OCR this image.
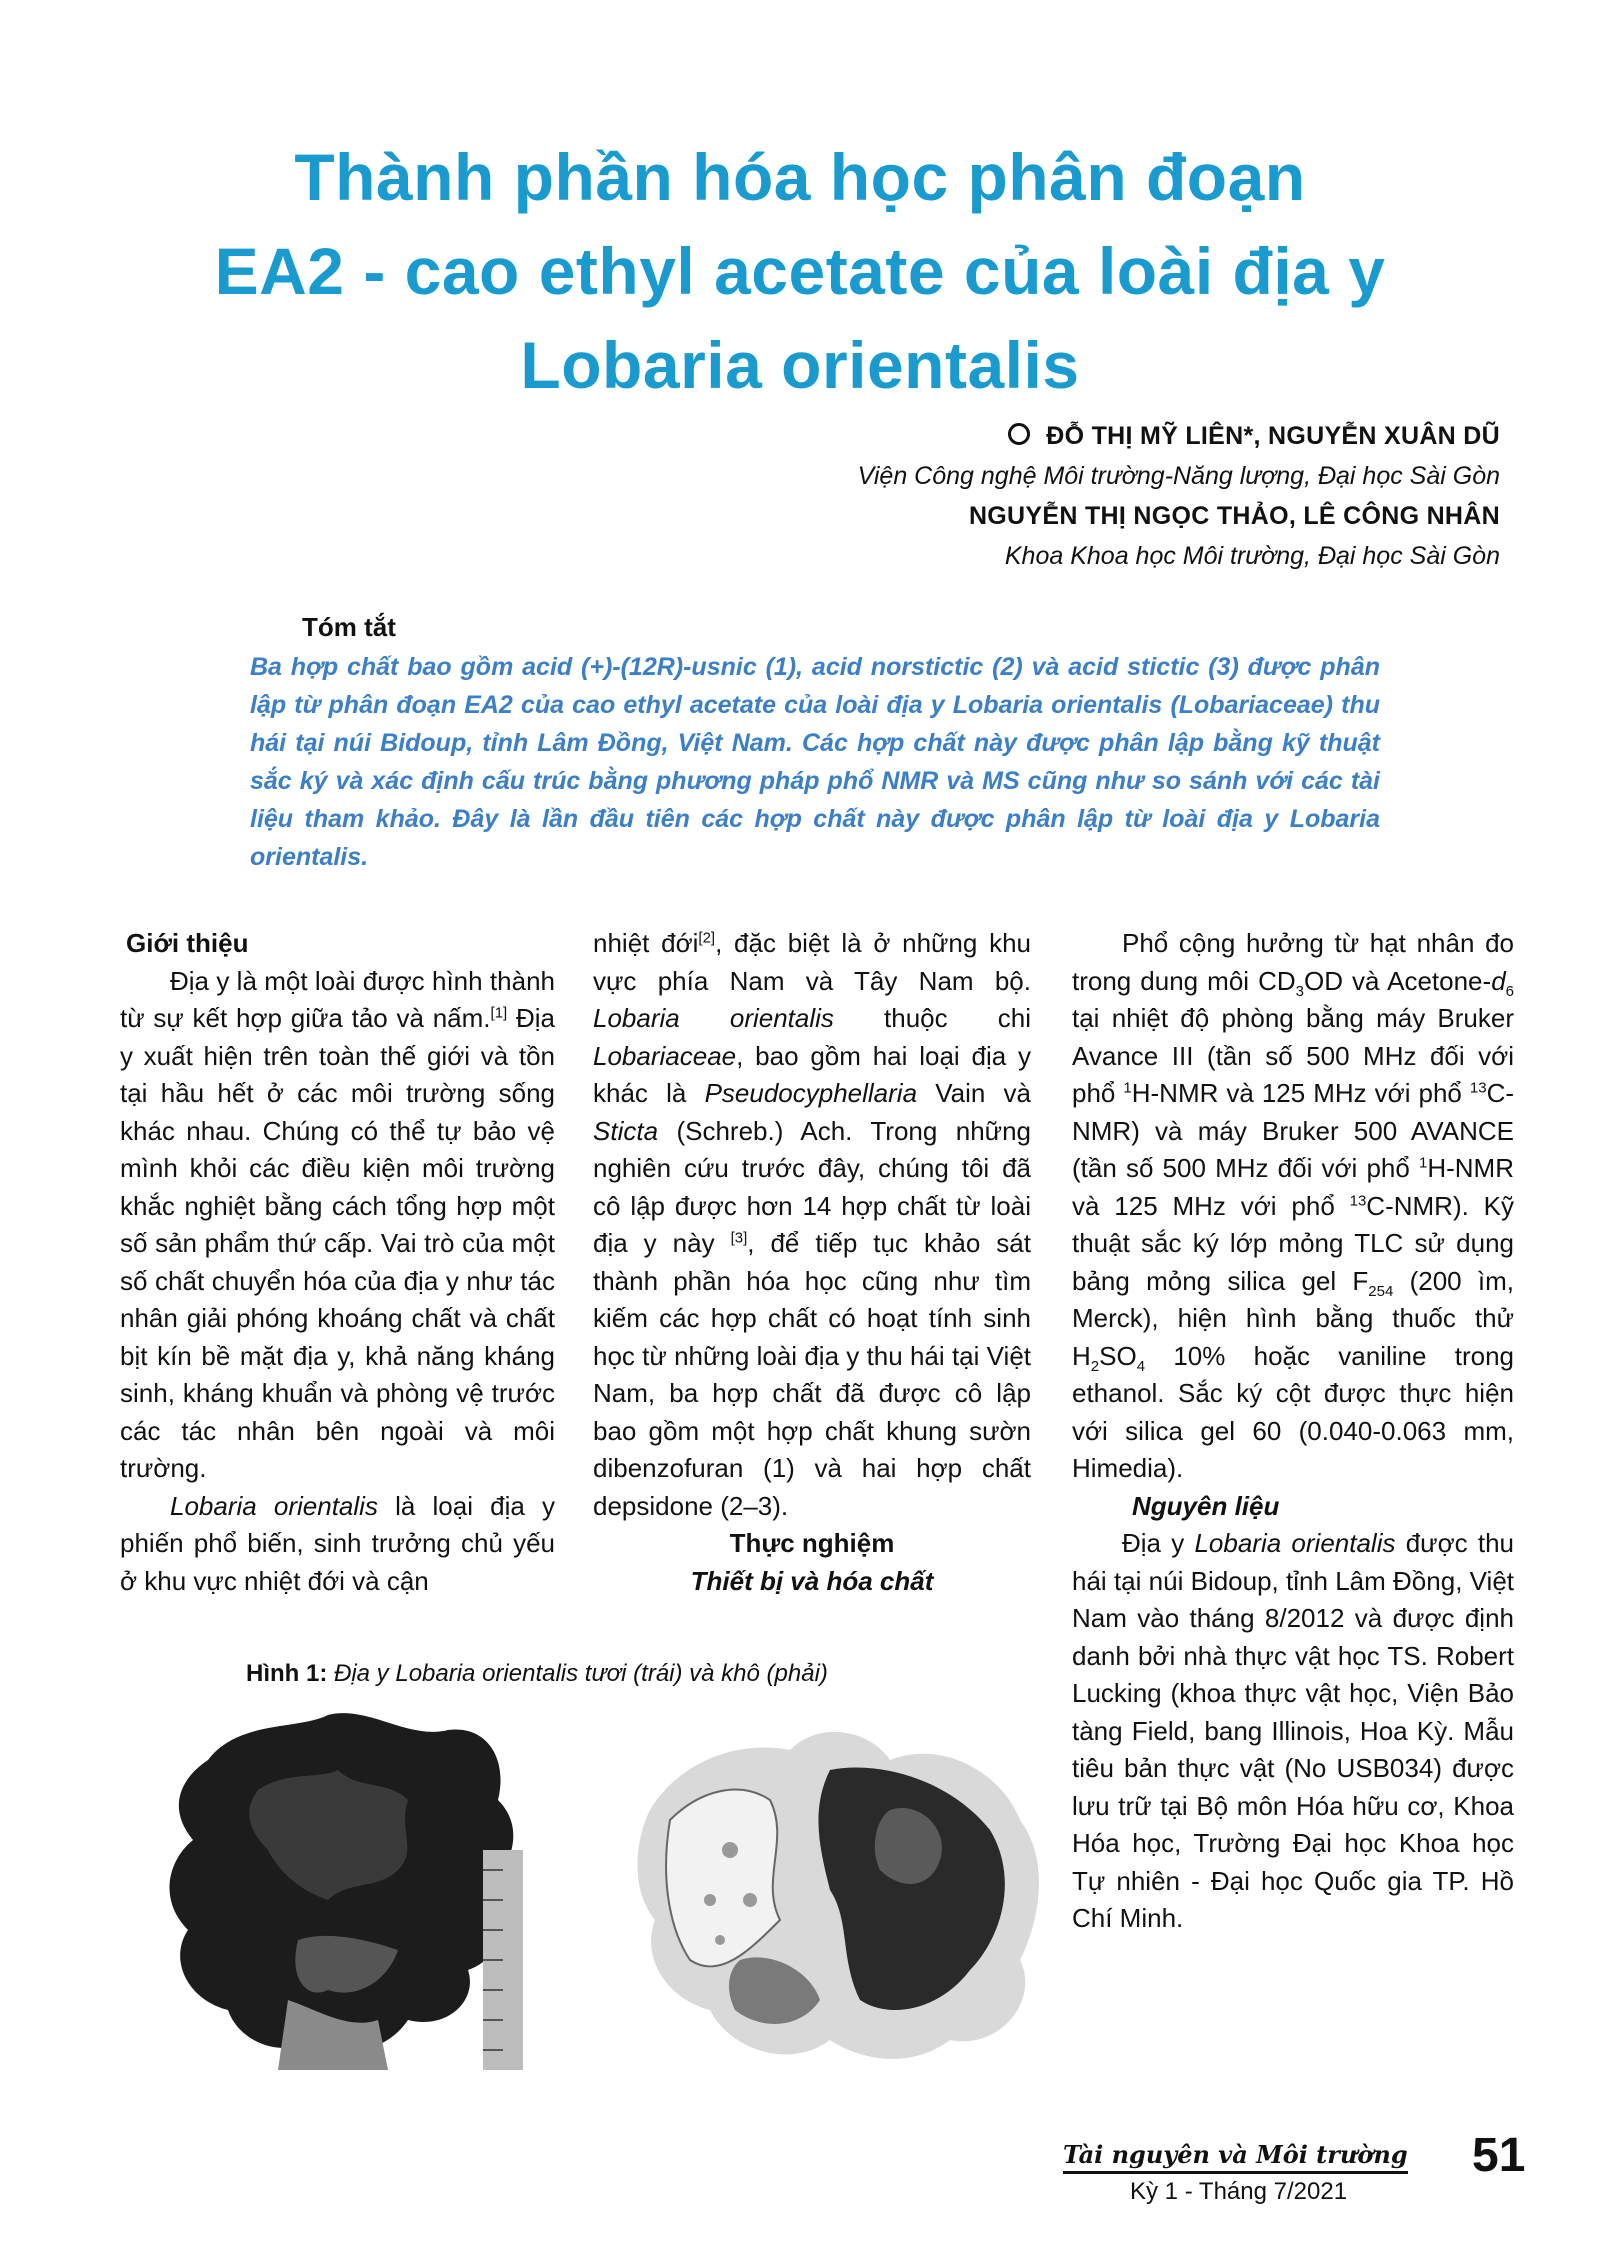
Thành phần hóa học phân đoạn
EA2 - cao ethyl acetate của loài địa y
Lobaria orientalis
ĐỖ THỊ MỸ LIÊN*, NGUYỄN XUÂN DŨ
Viện Công nghệ Môi trường-Năng lượng, Đại học Sài Gòn
NGUYỄN THỊ NGỌC THẢO, LÊ CÔNG NHÂN
Khoa Khoa học Môi trường, Đại học Sài Gòn
Tóm tắt
Ba hợp chất bao gồm acid (+)-(12R)-usnic (1), acid norstictic (2) và acid stictic (3) được phân lập từ phân đoạn EA2 của cao ethyl acetate của loài địa y Lobaria orientalis (Lobariaceae) thu hái tại núi Bidoup, tỉnh Lâm Đồng, Việt Nam. Các hợp chất này được phân lập bằng kỹ thuật sắc ký và xác định cấu trúc bằng phương pháp phổ NMR và MS cũng như so sánh với các tài liệu tham khảo. Đây là lần đầu tiên các hợp chất này được phân lập từ loài địa y Lobaria orientalis.

Giới thiệu

Địa y là một loài được hình thành từ sự kết hợp giữa tảo và nấm.[1] Địa y xuất hiện trên toàn thế giới và tồn tại hầu hết ở các môi trường sống khác nhau. Chúng có thể tự bảo vệ mình khỏi các điều kiện môi trường khắc nghiệt bằng cách tổng hợp một số sản phẩm thứ cấp. Vai trò của một số chất chuyển hóa của địa y như tác nhân giải phóng khoáng chất và chất bịt kín bề mặt địa y, khả năng kháng sinh, kháng khuẩn và phòng vệ trước các tác nhân bên ngoài và môi trường.

Lobaria orientalis là loại địa y phiến phổ biến, sinh trưởng chủ yếu ở khu vực nhiệt đới và cận

nhiệt đới[2], đặc biệt là ở những khu vực phía Nam và Tây Nam bộ. Lobaria orientalis thuộc chi Lobariaceae, bao gồm hai loại địa y khác là Pseudocyphellaria Vain và Sticta (Schreb.) Ach. Trong những nghiên cứu trước đây, chúng tôi đã cô lập được hơn 14 hợp chất từ loài địa y này [3], để tiếp tục khảo sát thành phần hóa học cũng như tìm kiếm các hợp chất có hoạt tính sinh học từ những loài địa y thu hái tại Việt Nam, ba hợp chất đã được cô lập bao gồm một hợp chất khung sườn dibenzofuran (1) và hai hợp chất depsidone (2–3).

Thực nghiệm

Thiết bị và hóa chất

Phổ cộng hưởng từ hạt nhân đo trong dung môi $CD_3OD$ và Acetone-$d_6$ tại nhiệt độ phòng bằng máy Bruker Avance III (tần số 500 MHz đối với phổ $^1$H-NMR và 125 MHz với phổ $^{13}$C-NMR) và máy Bruker 500 AVANCE (tần số 500 MHz đối với phổ $^1$H-NMR và 125 MHz với phổ $^{13}$C-NMR). Kỹ thuật sắc ký lớp mỏng TLC sử dụng bảng mỏng silica gel $F_{254}$ (200 ìm, Merck), hiện hình bằng thuốc thử $H_2SO_4$ 10% hoặc vaniline trong ethanol. Sắc ký cột được thực hiện với silica gel 60 (0.040-0.063 mm, Himedia).

Nguyên liệu

Địa y Lobaria orientalis được thu hái tại núi Bidoup, tỉnh Lâm Đồng, Việt Nam vào tháng 8/2012 và được định danh bởi nhà thực vật học TS. Robert Lucking (khoa thực vật học, Viện Bảo tàng Field, bang Illinois, Hoa Kỳ. Mẫu tiêu bản thực vật (No USB034) được lưu trữ tại Bộ môn Hóa hữu cơ, Khoa Hóa học, Trường Đại học Khoa học Tự nhiên - Đại học Quốc gia TP. Hồ Chí Minh.

Hình 1: Địa y Lobaria orientalis tươi (trái) và khô (phải)
Tài nguyên và Môi trường
Kỳ 1 - Tháng 7/2021
51
